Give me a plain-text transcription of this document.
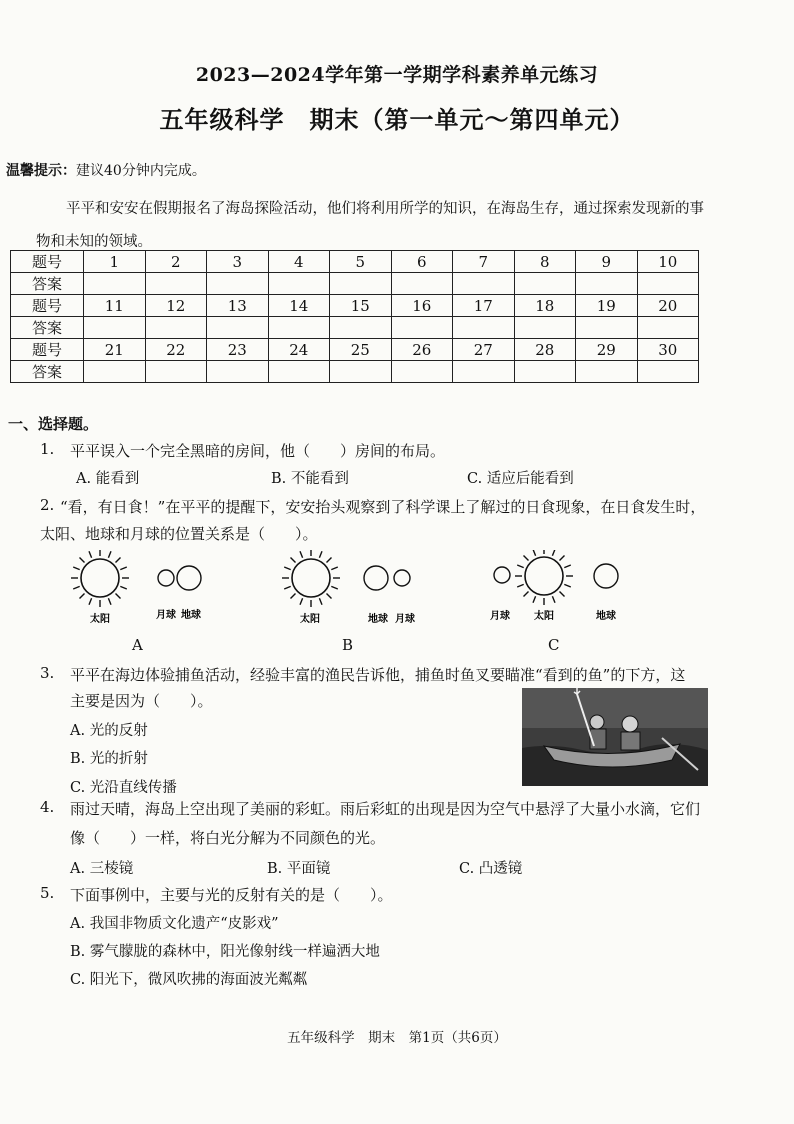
2023—2024学年第一学期学科素养单元练习
五年级科学　期末（第一单元～第四单元）
温馨提示：建议40分钟内完成。
平平和安安在假期报名了海岛探险活动，他们将利用所学的知识，在海岛生存，通过探索发现新的事物和未知的领域。
题号	1	2	3	4	5	6	7	8	9	10
答案										
题号	11	12	13	14	15	16	17	18	19	20
答案										
题号	21	22	23	24	25	26	27	28	29	30
答案										
一、选择题。
1. 平平误入一个完全黑暗的房间，他（　　）房间的布局。
A. 能看到	B. 不能看到	C. 适应后能看到
2. “看，有日食！”在平平的提醒下，安安抬头观察到了科学课上了解过的日食现象，在日食发生时，
太阳、地球和月球的位置关系是（　　）。
太阳	月球 地球
A
太阳	地球 月球
B
月球 太阳	地球
C
3. 平平在海边体验捕鱼活动，经验丰富的渔民告诉他，捕鱼时鱼叉要瞄准“看到的鱼”的下方，这
主要是因为（　　）。
A. 光的反射
B. 光的折射
C. 光沿直线传播
4. 雨过天晴，海岛上空出现了美丽的彩虹。雨后彩虹的出现是因为空气中悬浮了大量小水滴，它们
像（　　）一样，将白光分解为不同颜色的光。
A. 三棱镜	B. 平面镜	C. 凸透镜
5. 下面事例中，主要与光的反射有关的是（　　）。
A. 我国非物质文化遗产“皮影戏”
B. 雾气朦胧的森林中，阳光像射线一样遍洒大地
C. 阳光下，微风吹拂的海面波光粼粼
五年级科学　期末　第1页（共6页）
